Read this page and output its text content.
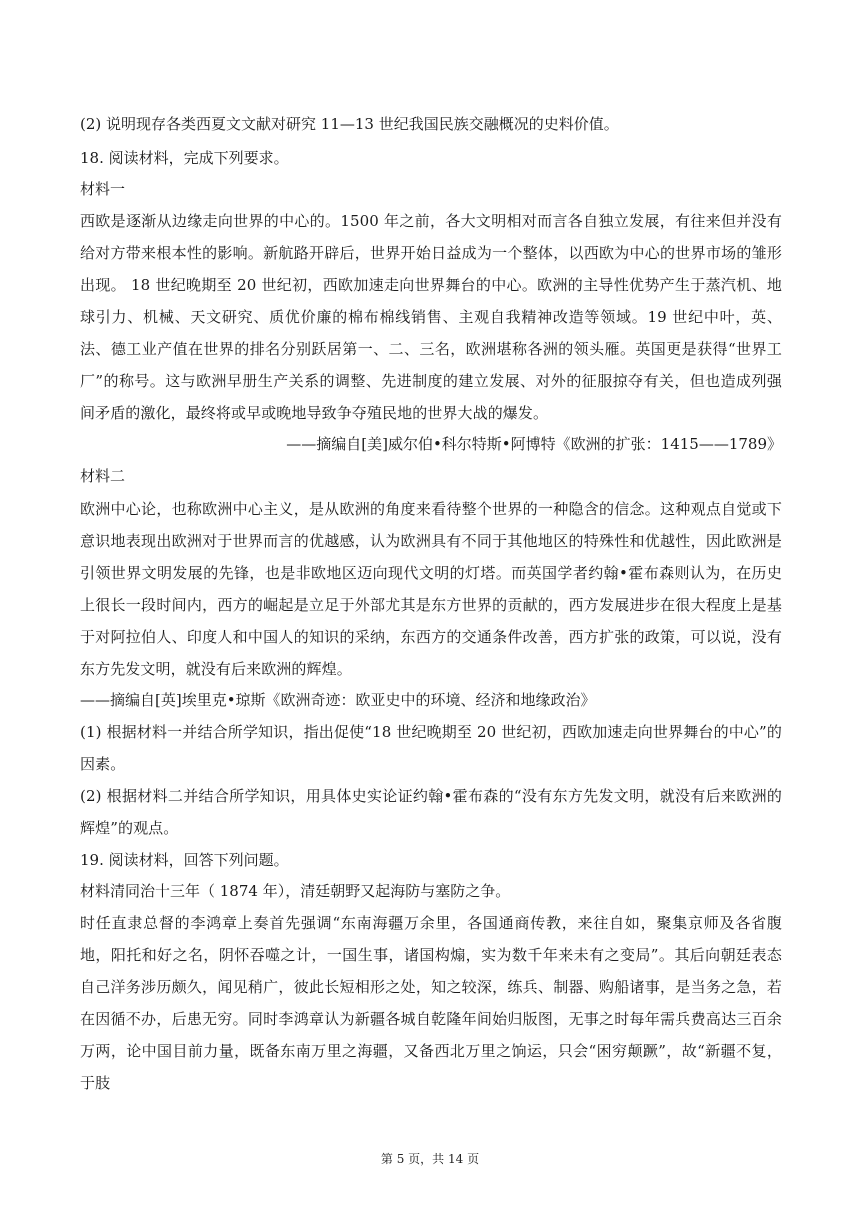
(2) 说明现存各类西夏文文献对研究 11—13 世纪我国民族交融概况的史料价值。
18. 阅读材料，完成下列要求。
材料一
西欧是逐渐从边缘走向世界的中心的。1500 年之前，各大文明相对而言各自独立发展，有往来但并没有给对方带来根本性的影响。新航路开辟后，世界开始日益成为一个整体，以西欧为中心的世界市场的雏形出现。 18 世纪晚期至 20 世纪初，西欧加速走向世界舞台的中心。欧洲的主导性优势产生于蒸汽机、地球引力、机械、天文研究、质优价廉的棉布棉线销售、主观自我精神改造等领域。19 世纪中叶，英、法、德工业产值在世界的排名分别跃居第一、二、三名，欧洲堪称各洲的领头雁。英国更是获得“世界工厂”的称号。这与欧洲早册生产关系的调整、先进制度的建立发展、对外的征服掠夺有关，但也造成列强间矛盾的激化，最终将或早或晚地导致争夺殖民地的世界大战的爆发。
——摘编自[美]威尔伯•科尔特斯•阿博特《欧洲的扩张：1415——1789》
材料二
欧洲中心论，也称欧洲中心主义，是从欧洲的角度来看待整个世界的一种隐含的信念。这种观点自觉或下意识地表现出欧洲对于世界而言的优越感，认为欧洲具有不同于其他地区的特殊性和优越性，因此欧洲是引领世界文明发展的先锋，也是非欧地区迈向现代文明的灯塔。而英国学者约翰•霍布森则认为，在历史上很长一段时间内，西方的崛起是立足于外部尤其是东方世界的贡献的，西方发展进步在很大程度上是基于对阿拉伯人、印度人和中国人的知识的采纳，东西方的交通条件改善，西方扩张的政策，可以说，没有东方先发文明，就没有后来欧洲的辉煌。
——摘编自[英]埃里克•琼斯《欧洲奇迹：欧亚史中的环境、经济和地缘政治》
(1) 根据材料一并结合所学知识，指出促使“18 世纪晚期至 20 世纪初，西欧加速走向世界舞台的中心”的因素。
(2) 根据材料二并结合所学知识，用具体史实论证约翰•霍布森的“没有东方先发文明，就没有后来欧洲的辉煌”的观点。
19. 阅读材料，回答下列问题。
材料清同治十三年（ 1874 年），清廷朝野又起海防与塞防之争。
时任直隶总督的李鸿章上奏首先强调“东南海疆万余里，各国通商传教，来往自如，聚集京师及各省腹地，阳托和好之名，阴怀吞噬之计，一国生事，诸国构煽，实为数千年来未有之变局”。其后向朝廷表态自己洋务涉历颇久，闻见稍广，彼此长短相形之处，知之较深，练兵、制器、购船诸事，是当务之急，若在因循不办，后患无穷。同时李鸿章认为新疆各城自乾隆年间始归版图，无事之时每年需兵费高达三百余万两，论中国目前力量，既备东南万里之海疆，又备西北万里之饷运，只会“困穷颠蹶”，故“新疆不复，于肢
第 5 页，共 14 页
